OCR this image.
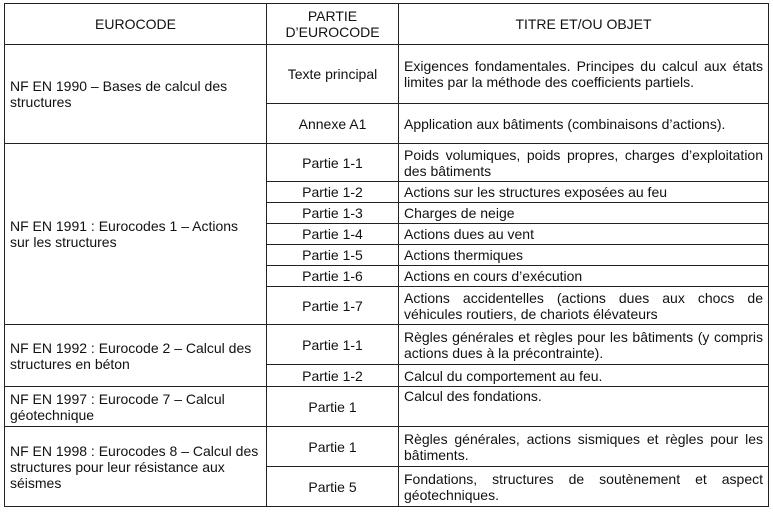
EUROCODE	PARTIE D’EUROCODE	TITRE ET/OU OBJET
NF EN 1990 – Bases de calcul des structures	Texte principal	Exigences fondamentales. Principes du calcul aux états limites par la méthode des coefficients partiels.
	Annexe A1	Application aux bâtiments (combinaisons d’actions).
NF EN 1991 : Eurocodes 1 – Actions sur les structures	Partie 1-1	Poids volumiques, poids propres, charges d’exploitation des bâtiments
	Partie 1-2	Actions sur les structures exposées au feu
	Partie 1-3	Charges de neige
	Partie 1-4	Actions dues au vent
	Partie 1-5	Actions thermiques
	Partie 1-6	Actions en cours d’exécution
	Partie 1-7	Actions accidentelles (actions dues aux chocs de véhicules routiers, de chariots élévateurs
NF EN 1992 : Eurocode 2 – Calcul des structures en béton	Partie 1-1	Règles générales et règles pour les bâtiments (y compris actions dues à la précontrainte).
	Partie 1-2	Calcul du comportement au feu.
NF EN 1997 : Eurocode 7 – Calcul géotechnique	Partie 1	Calcul des fondations.
NF EN 1998 : Eurocodes 8 – Calcul des structures pour leur résistance aux séismes	Partie 1	Règles générales, actions sismiques et règles pour les bâtiments.
	Partie 5	Fondations, structures de soutènement et aspect géotechniques.
